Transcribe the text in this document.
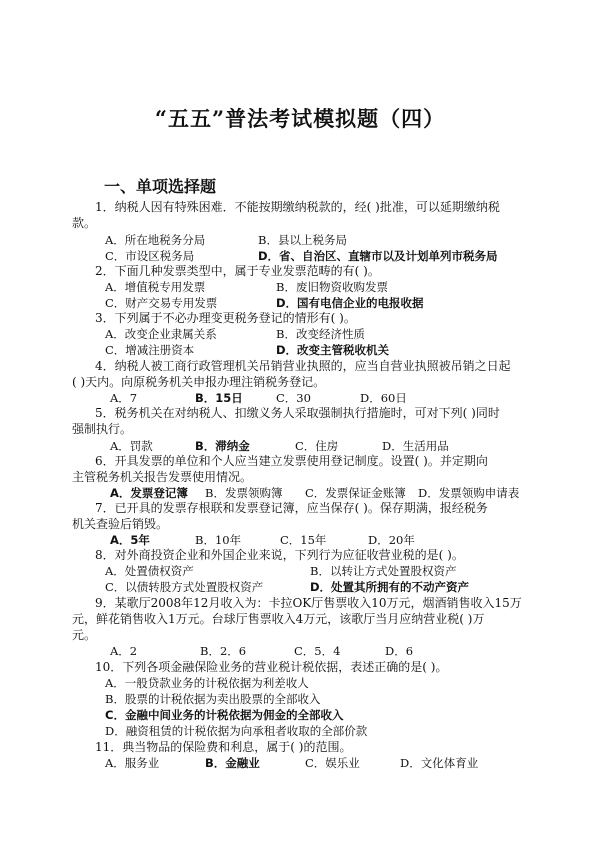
“五五”普法考试模拟题（四）
一、单项选择题
1．纳税人因有特殊困难．不能按期缴纳税款的，经( )批准，可以延期缴纳税
款。
A．所在地税务分局	B．县以上税务局
C．市设区税务局	D．省、自治区、直辖市以及计划单列市税务局
2．下面几种发票类型中，属于专业发票范畴的有( )。
A．增值税专用发票	B．废旧物资收购发票
C．财产交易专用发票	D．国有电信企业的电报收据
3．下列属于不必办理变更税务登记的情形有( )。
A．改变企业隶属关系	B．改变经济性质
C．增减注册资本	D．改变主管税收机关
4．纳税人被工商行政管理机关吊销营业执照的，应当自营业执照被吊销之日起
( )天内。向原税务机关申报办理注销税务登记。
A．7	B．15日	C．30	D．60日
5．税务机关在对纳税人、扣缴义务人采取强制执行措施时，可对下列( )同时
强制执行。
A．罚款	B．滞纳金	C．住房	D．生活用品
6．开具发票的单位和个人应当建立发票使用登记制度。设置( )。并定期向
主管税务机关报告发票使用情况。
A．发票登记簿 B．发票领购簿 C．发票保证金账簿 D．发票领购申请表
7．已开具的发票存根联和发票登记簿，应当保存( )。保存期满，报经税务
机关查验后销毁。
A．5年	B．10年	C．15年	D．20年
8．对外商投资企业和外国企业来说，下列行为应征收营业税的是( )。
A．处置债权资产	B．以转让方式处置股权资产
C．以债转股方式处置股权资产	D．处置其所拥有的不动产资产
9．某歌厅2008年12月收入为：卡拉OK厅售票收入10万元，烟酒销售收入15万
元，鲜花销售收入1万元。台球厅售票收入4万元，该歌厅当月应纳营业税( )万
元。
A．2	B．2．6	C．5．4	D．6
10．下列各项金融保险业务的营业税计税依据，表述正确的是( )。
A．一般贷款业务的计税依据为利差收人
B．股票的计税依据为卖出股票的全部收入
C．金融中间业务的计税依据为佣金的全部收入
D．融资租赁的计税依据为向承租者收取的全部价款
11．典当物品的保险费和利息，属于( )的范围。
A．服务业	B．金融业	C．娱乐业	D．文化体育业
